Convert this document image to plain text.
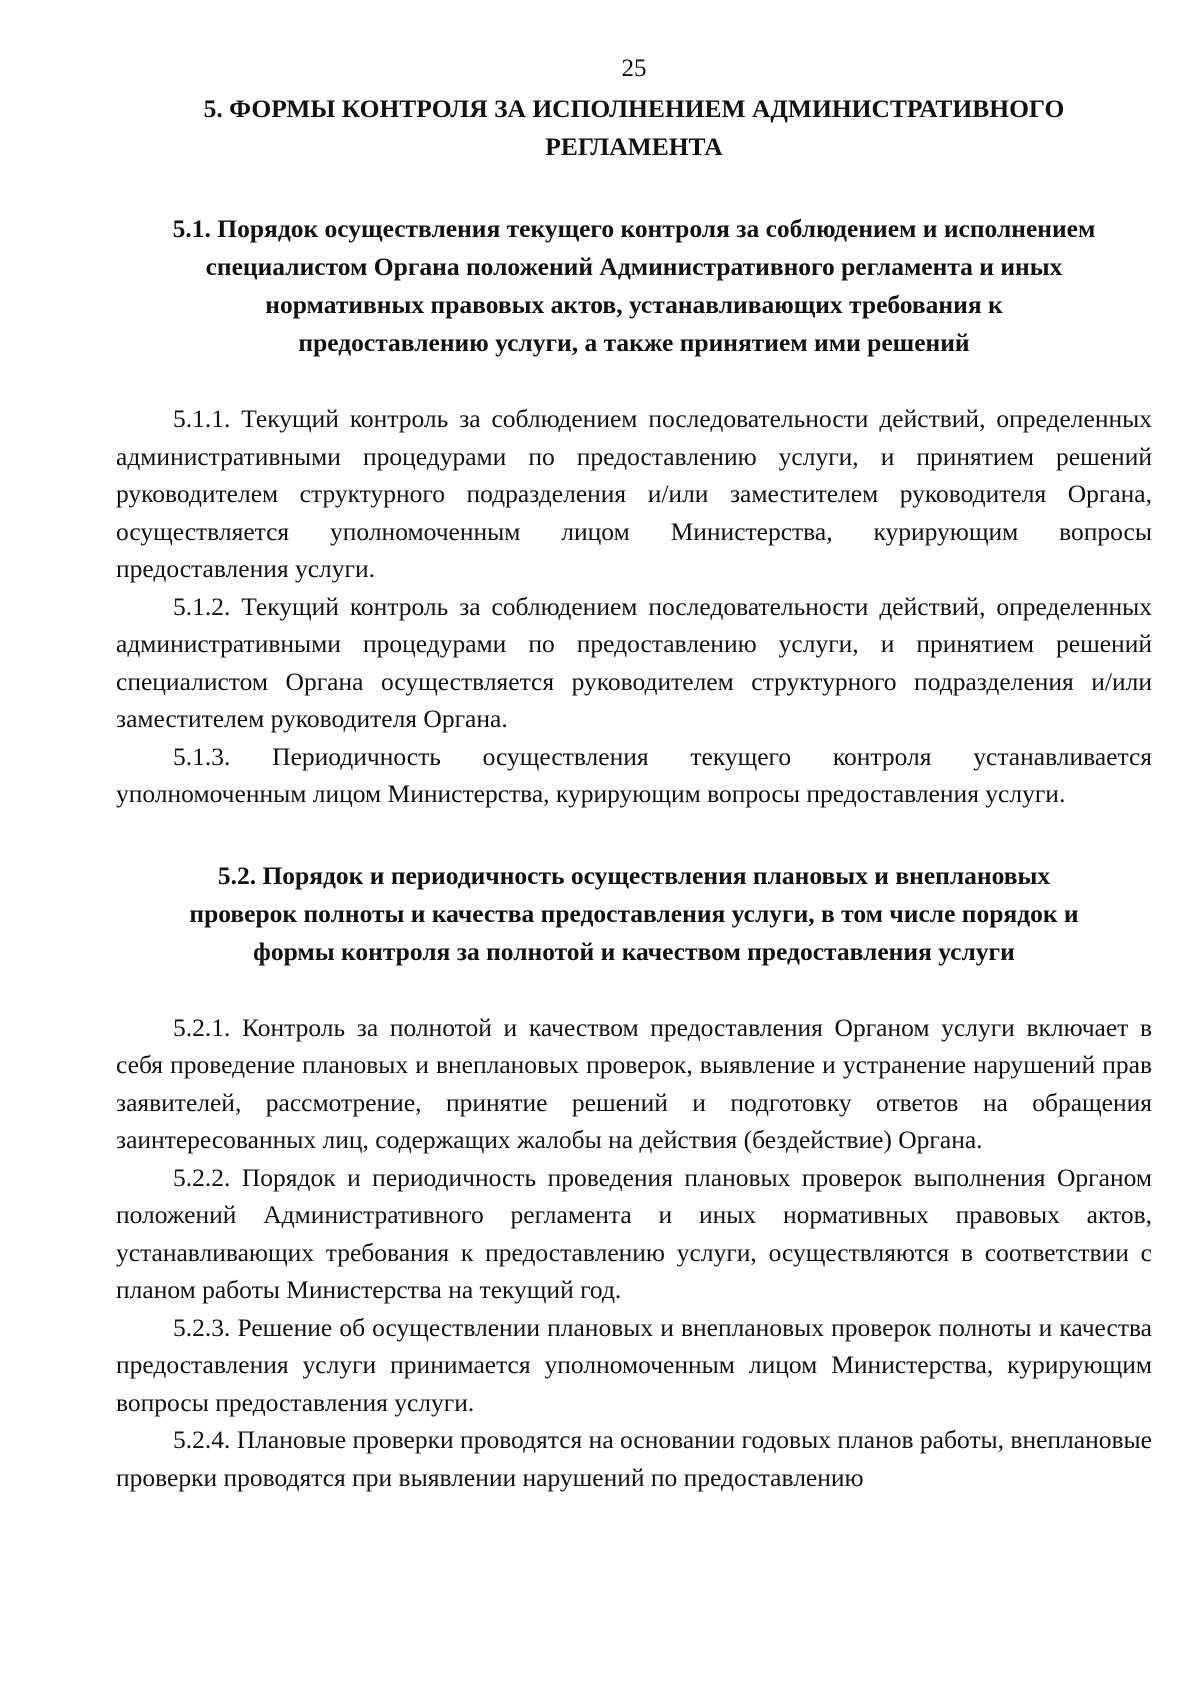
25
5. ФОРМЫ КОНТРОЛЯ ЗА ИСПОЛНЕНИЕМ АДМИНИСТРАТИВНОГО
РЕГЛАМЕНТА
5.1. Порядок осуществления текущего контроля за соблюдением и исполнением
специалистом Органа положений Административного регламента и иных
нормативных правовых актов, устанавливающих требования к
предоставлению услуги, а также принятием ими решений

5.1.1. Текущий контроль за соблюдением последовательности действий, определенных административными процедурами по предоставлению услуги, и принятием решений руководителем структурного подразделения и/или заместителем руководителя Органа, осуществляется уполномоченным лицом Министерства, курирующим вопросы предоставления услуги.

5.1.2. Текущий контроль за соблюдением последовательности действий, определенных административными процедурами по предоставлению услуги, и принятием решений специалистом Органа осуществляется руководителем структурного подразделения и/или заместителем руководителя Органа.

5.1.3. Периодичность осуществления текущего контроля устанавливается уполномоченным лицом Министерства, курирующим вопросы предоставления услуги.

5.2. Порядок и периодичность осуществления плановых и внеплановых
проверок полноты и качества предоставления услуги, в том числе порядок и
формы контроля за полнотой и качеством предоставления услуги

5.2.1. Контроль за полнотой и качеством предоставления Органом услуги включает в себя проведение плановых и внеплановых проверок, выявление и устранение нарушений прав заявителей, рассмотрение, принятие решений и подготовку ответов на обращения заинтересованных лиц, содержащих жалобы на действия (бездействие) Органа.

5.2.2. Порядок и периодичность проведения плановых проверок выполнения Органом положений Административного регламента и иных нормативных правовых актов, устанавливающих требования к предоставлению услуги, осуществляются в соответствии с планом работы Министерства на текущий год.

5.2.3. Решение об осуществлении плановых и внеплановых проверок полноты и качества предоставления услуги принимается уполномоченным лицом Министерства, курирующим вопросы предоставления услуги.

5.2.4. Плановые проверки проводятся на основании годовых планов работы, внеплановые проверки проводятся при выявлении нарушений по предоставлению
